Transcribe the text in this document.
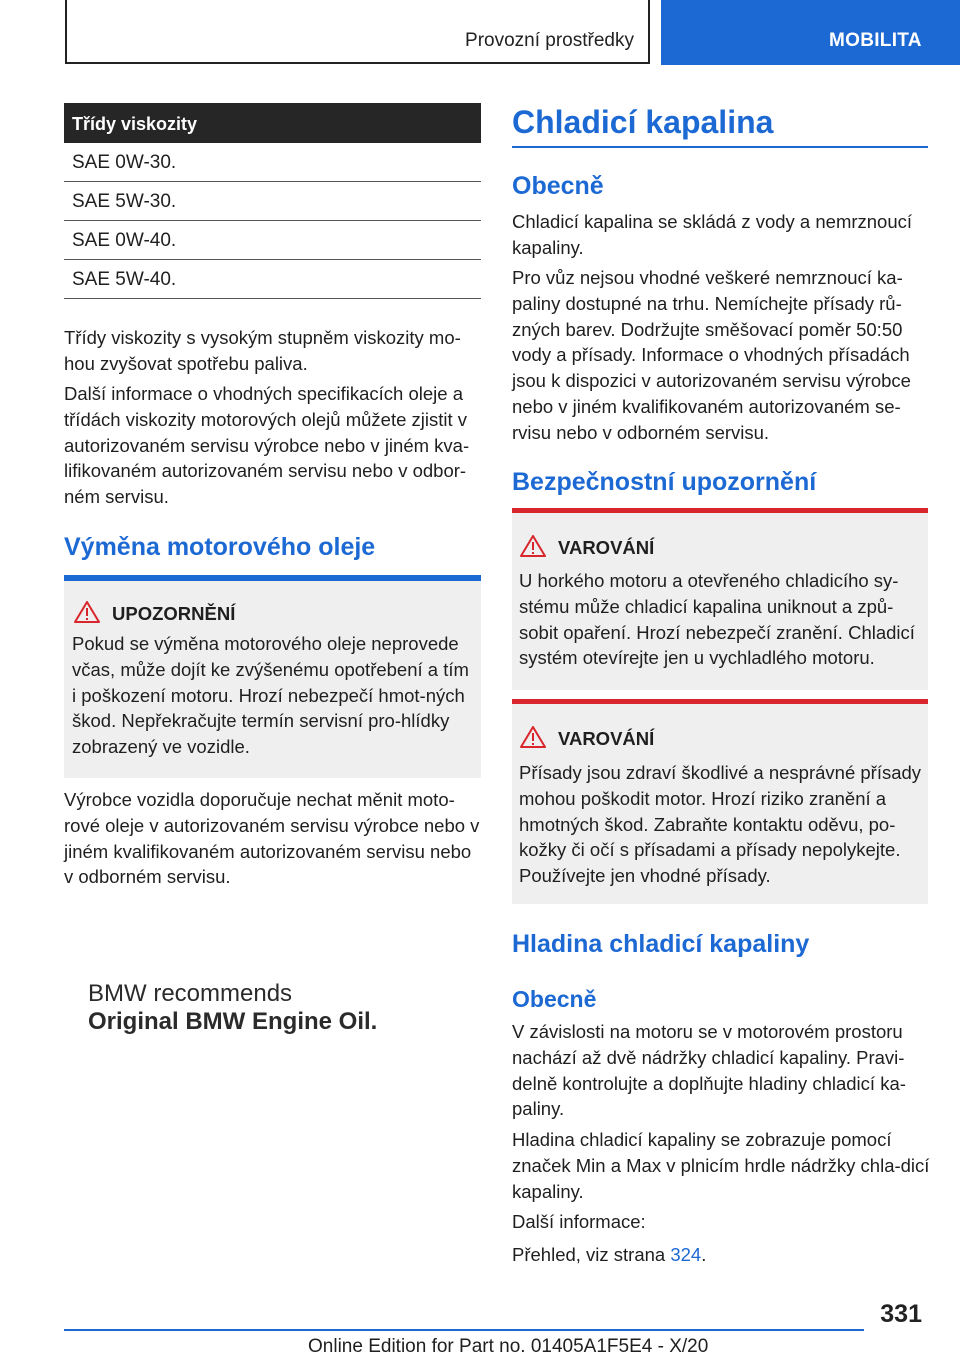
Provozní prostředky	MOBILITA
Třídy viskozity
SAE 0W-30.
SAE 5W-30.
SAE 0W-40.
SAE 5W-40.

Třídy viskozity s vysokým stupněm viskozity mo-hou zvyšovat spotřebu paliva.

Další informace o vhodných specifikacích oleje a třídách viskozity motorových olejů můžete zjistit v autorizovaném servisu výrobce nebo v jiném kva-lifikovaném autorizovaném servisu nebo v odbor-ném servisu.

Výměna motorového oleje
UPOZORNĚNÍ

Pokud se výměna motorového oleje neprovede včas, může dojít ke zvýšenému opotřebení a tím i poškození motoru. Hrozí nebezpečí hmot-ných škod. Nepřekračujte termín servisní pro-hlídky zobrazený ve vozidle.

Výrobce vozidla doporučuje nechat měnit moto-rové oleje v autorizovaném servisu výrobce nebo v jiném kvalifikovaném autorizovaném servisu nebo v odborném servisu.

BMW recommends
Original BMW Engine Oil.
Chladicí kapalina
Obecně

Chladicí kapalina se skládá z vody a nemrznoucí kapaliny.

Pro vůz nejsou vhodné veškeré nemrznoucí ka-paliny dostupné na trhu. Nemíchejte přísady rů-zných barev. Dodržujte směšovací poměr 50:50 vody a přísady. Informace o vhodných přísadách jsou k dispozici v autorizovaném servisu výrobce nebo v jiném kvalifikovaném autorizovaném se-rvisu nebo v odborném servisu.

Bezpečnostní upozornění
VAROVÁNÍ

U horkého motoru a otevřeného chladicího sy-stému může chladicí kapalina uniknout a způ-sobit opaření. Hrozí nebezpečí zranění. Chladicí systém otevírejte jen u vychladlého motoru.

VAROVÁNÍ

Přísady jsou zdraví škodlivé a nesprávné přísady mohou poškodit motor. Hrozí riziko zranění a hmotných škod. Zabraňte kontaktu oděvu, po-kožky či očí s přísadami a přísady nepolykejte. Používejte jen vhodné přísady.

Hladina chladicí kapaliny
Obecně

V závislosti na motoru se v motorovém prostoru nachází až dvě nádržky chladicí kapaliny. Pravi-delně kontrolujte a doplňujte hladiny chladicí ka-paliny.

Hladina chladicí kapaliny se zobrazuje pomocí značek Min a Max v plnicím hrdle nádržky chla-dicí kapaliny.

Další informace:

Přehled, viz strana 324.

331
Online Edition for Part no. 01405A1F5E4 - X/20
